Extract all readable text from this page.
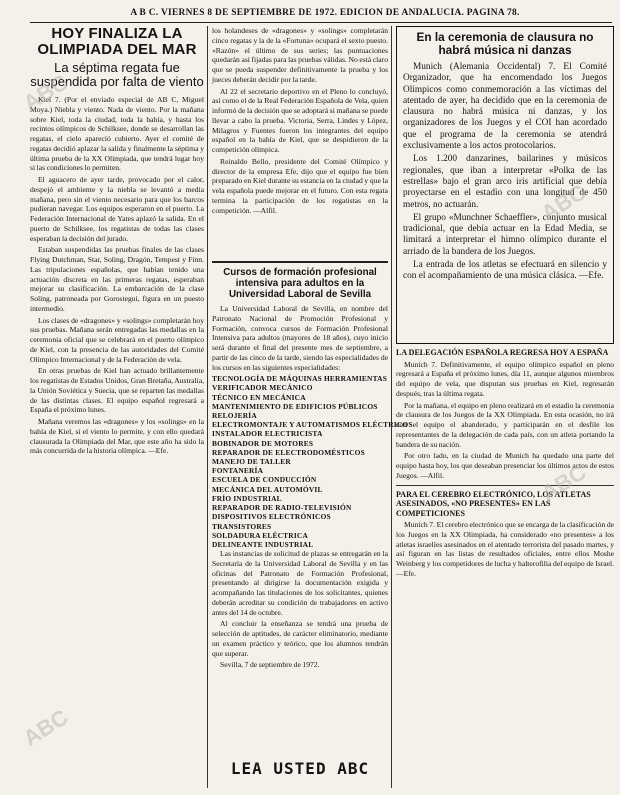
A B C. VIERNES 8 DE SEPTIEMBRE DE 1972. EDICION DE ANDALUCIA. PAGINA 78.
HOY FINALIZA LA OLIMPIADA DEL MAR
La séptima regata fue suspendida por falta de viento

Kiel 7. (Por el enviado especial de AB C, Miguel Moya.) Niebla y viento. Nada de viento. Por la mañana sobre Kiel, toda la ciudad, toda la bahía, y hasta los recintos olímpicos de Schilksee, donde se desarrollan las regatas, el cielo apareció cubierto. Ayer el comité de regatas decidió aplazar la salida y finalmente la séptima y última prueba de la XX Olimpiada, que tendrá lugar hoy si las condiciones lo permiten.

El aguacero de ayer tarde, provocado por el calor, despejó el ambiente y la niebla se levantó a media mañana, pero sin el viento necesario para que los barcos pudieran navegar. Los equipos esperaron en el puerto. La Federación Internacional de Yates aplazó la salida. En el puerto de Schilksee, los regatistas de todas las clases esperaban la decisión del jurado.

Estaban suspendidas las pruebas finales de las clases Flying Dutchman, Star, Soling, Dragón, Tempest y Finn. Las tripulaciones españolas, que habían tenido una actuación discreta en las primeras regatas, esperaban mejorar su clasificación. La embarcación de la clase Soling, patroneada por Gorostegui, figura en un puesto intermedio.

Los clases de «dragones» y «solings» completarán hoy sus pruebas. Mañana serán entregadas las medallas en la ceremonia oficial que se celebrará en el puerto olímpico de Kiel, con la presencia de las autoridades del Comité Olímpico Internacional y de la Federación de vela.

En otras pruebas de Kiel han actuado brillantemente los regatistas de Estados Unidos, Gran Bretaña, Australia, la Unión Soviética y Suecia, que se reparten las medallas de las distintas clases. El equipo español regresará a España el próximo lunes.

Mañana veremos las «dragones» y los «solings» en la bahía de Kiel, si el viento lo permite, y con ello quedará clausurada la Olimpiada del Mar, que este año ha sido la más concurrida de la historia olímpica. —Efe.

los holandeses de «dragones» y «solings» completarán cinco regatas y la de la «Fortuna» ocupará el sexto puesto. «Razón» el último de sus series; las puntuaciones quedarán así fijadas para las pruebas válidas. No está claro que se pueda suspender definitivamente la prueba y los jueces deberán decidir por la tarde.

Al 22 el secretario deportivo en el Pleno lo concluyó, así como el de la Real Federación Española de Vela, quien informó de la decisión que se adoptará si mañana se puede llevar a cabo la prueba. Victoria, Serra, Lindes y López, Milagros y Fuentes fueron los integrantes del equipo español en la bahía de Kiel, que se despidieron de la competición olímpica.

Reinaldo Bello, presidente del Comité Olímpico y director de la empresa Efe, dijo que el equipo fue bien preparado en Kiel durante su estancia en la ciudad y que la vela española puede mejorar en el futuro. Con esta regata termina la participación de los regatistas en la competición. —Alfil.

Cursos de formación profesional intensiva para adultos en la Universidad Laboral de Sevilla

La Universidad Laboral de Sevilla, en nombre del Patronato Nacional de Promoción Profesional y Formación, convoca cursos de Formación Profesional Intensiva para adultos (mayores de 18 años), cuyo inicio será durante el final del presente mes de septiembre, a partir de las cinco de la tarde, siendo las especialidades de los cursos en las siguientes especialidades:

TECNOLOGÍA DE MÁQUINAS HERRAMIENTAS

VERIFICADOR MECÁNICO

TÉCNICO EN MECÁNICA

MANTENIMIENTO DE EDIFICIOS PÚBLICOS

RELOJERÍA

ELECTROMONTAJE Y AUTOMATISMOS ELÉCTRICOS

INSTALADOR ELECTRICISTA

BOBINADOR DE MOTORES

REPARADOR DE ELECTRODOMÉSTICOS

MANEJO DE TALLER

FONTANERÍA

ESCUELA DE CONDUCCIÓN

MECÁNICA DEL AUTOMÓVIL

FRÍO INDUSTRIAL

REPARADOR DE RADIO-TELEVISIÓN

DISPOSITIVOS ELECTRÓNICOS

TRANSISTORES

SOLDADURA ELÉCTRICA

DELINEANTE INDUSTRIAL

Las instancias de solicitud de plazas se entregarán en la Secretaría de la Universidad Laboral de Sevilla y en las oficinas del Patronato de Formación Profesional, presentando al dirigirse la documentación exigida y acompañando las titulaciones de los solicitantes, quienes deberán acreditar su condición de trabajadores en activo antes del 14 de octubre.

Al concluir la enseñanza se tendrá una prueba de selección de aptitudes, de carácter eliminatorio, mediante un examen práctico y teórico, que los alumnos tendrán que superar.

Sevilla, 7 de septiembre de 1972.

LEA USTED ABC
En la ceremonia de clausura no habrá música ni danzas

Munich (Alemania Occidental) 7. El Comité Organizador, que ha encomendado los Juegos Olímpicos como conmemoración a las víctimas del atentado de ayer, ha decidido que en la ceremonia de clausura no habrá música ni danzas, y los organizadores de los Juegos y el COI han acordado que el programa de la ceremonia se atendrá exclusivamente a los actos protocolarios.

Los 1.200 danzarines, bailarines y músicos regionales, que iban a interpretar «Polka de las estrellas» bajo el gran arco iris artificial que debía proyectarse en el estadio con una longitud de 450 metros, no actuarán.

El grupo «Munchner Schaeffler», conjunto musical tradicional, que debía actuar en la Edad Media, se limitará a interpretar el himno olímpico durante el arriado de la bandera de los Juegos.

La entrada de los atletas se efectuará en silencio y con el acompañamiento de una música clásica. —Efe.

LA DELEGACIÓN ESPAÑOLA REGRESA HOY A ESPAÑA

Munich 7. Definitivamente, el equipo olímpico español en pleno regresará a España el próximo lunes, día 11, aunque algunos miembros del equipo de vela, que disputan sus pruebas en Kiel, regresarán después, tras la última regata.

Por la mañana, el equipo en pleno realizará en el estadio la ceremonia de clausura de los Juegos de la XX Olimpiada. En esta ocasión, no irá con el equipo el abanderado, y participarán en el desfile los representantes de la delegación de cada país, con un atleta portando la bandera de su nación.

Por otro lado, en la ciudad de Munich ha quedado una parte del equipo hasta hoy, los que deseaban presenciar los últimos actos de estos Juegos. —Alfil.

PARA EL CEREBRO ELECTRÓNICO, LOS ATLETAS ASESINADOS, «NO PRESENTES» EN LAS COMPETICIONES

Munich 7. El cerebro electrónico que se encarga de la clasificación de los Juegos en la XX Olimpiada, ha considerado «no presentes» a los atletas israelíes asesinados en el atentado terrorista del pasado martes, y así figuran en las listas de resultados oficiales, entre ellos Moshe Weinberg y los competidores de lucha y halterofilia del equipo de Israel. —Efe.

ABC
ABC
ABC
ABC
